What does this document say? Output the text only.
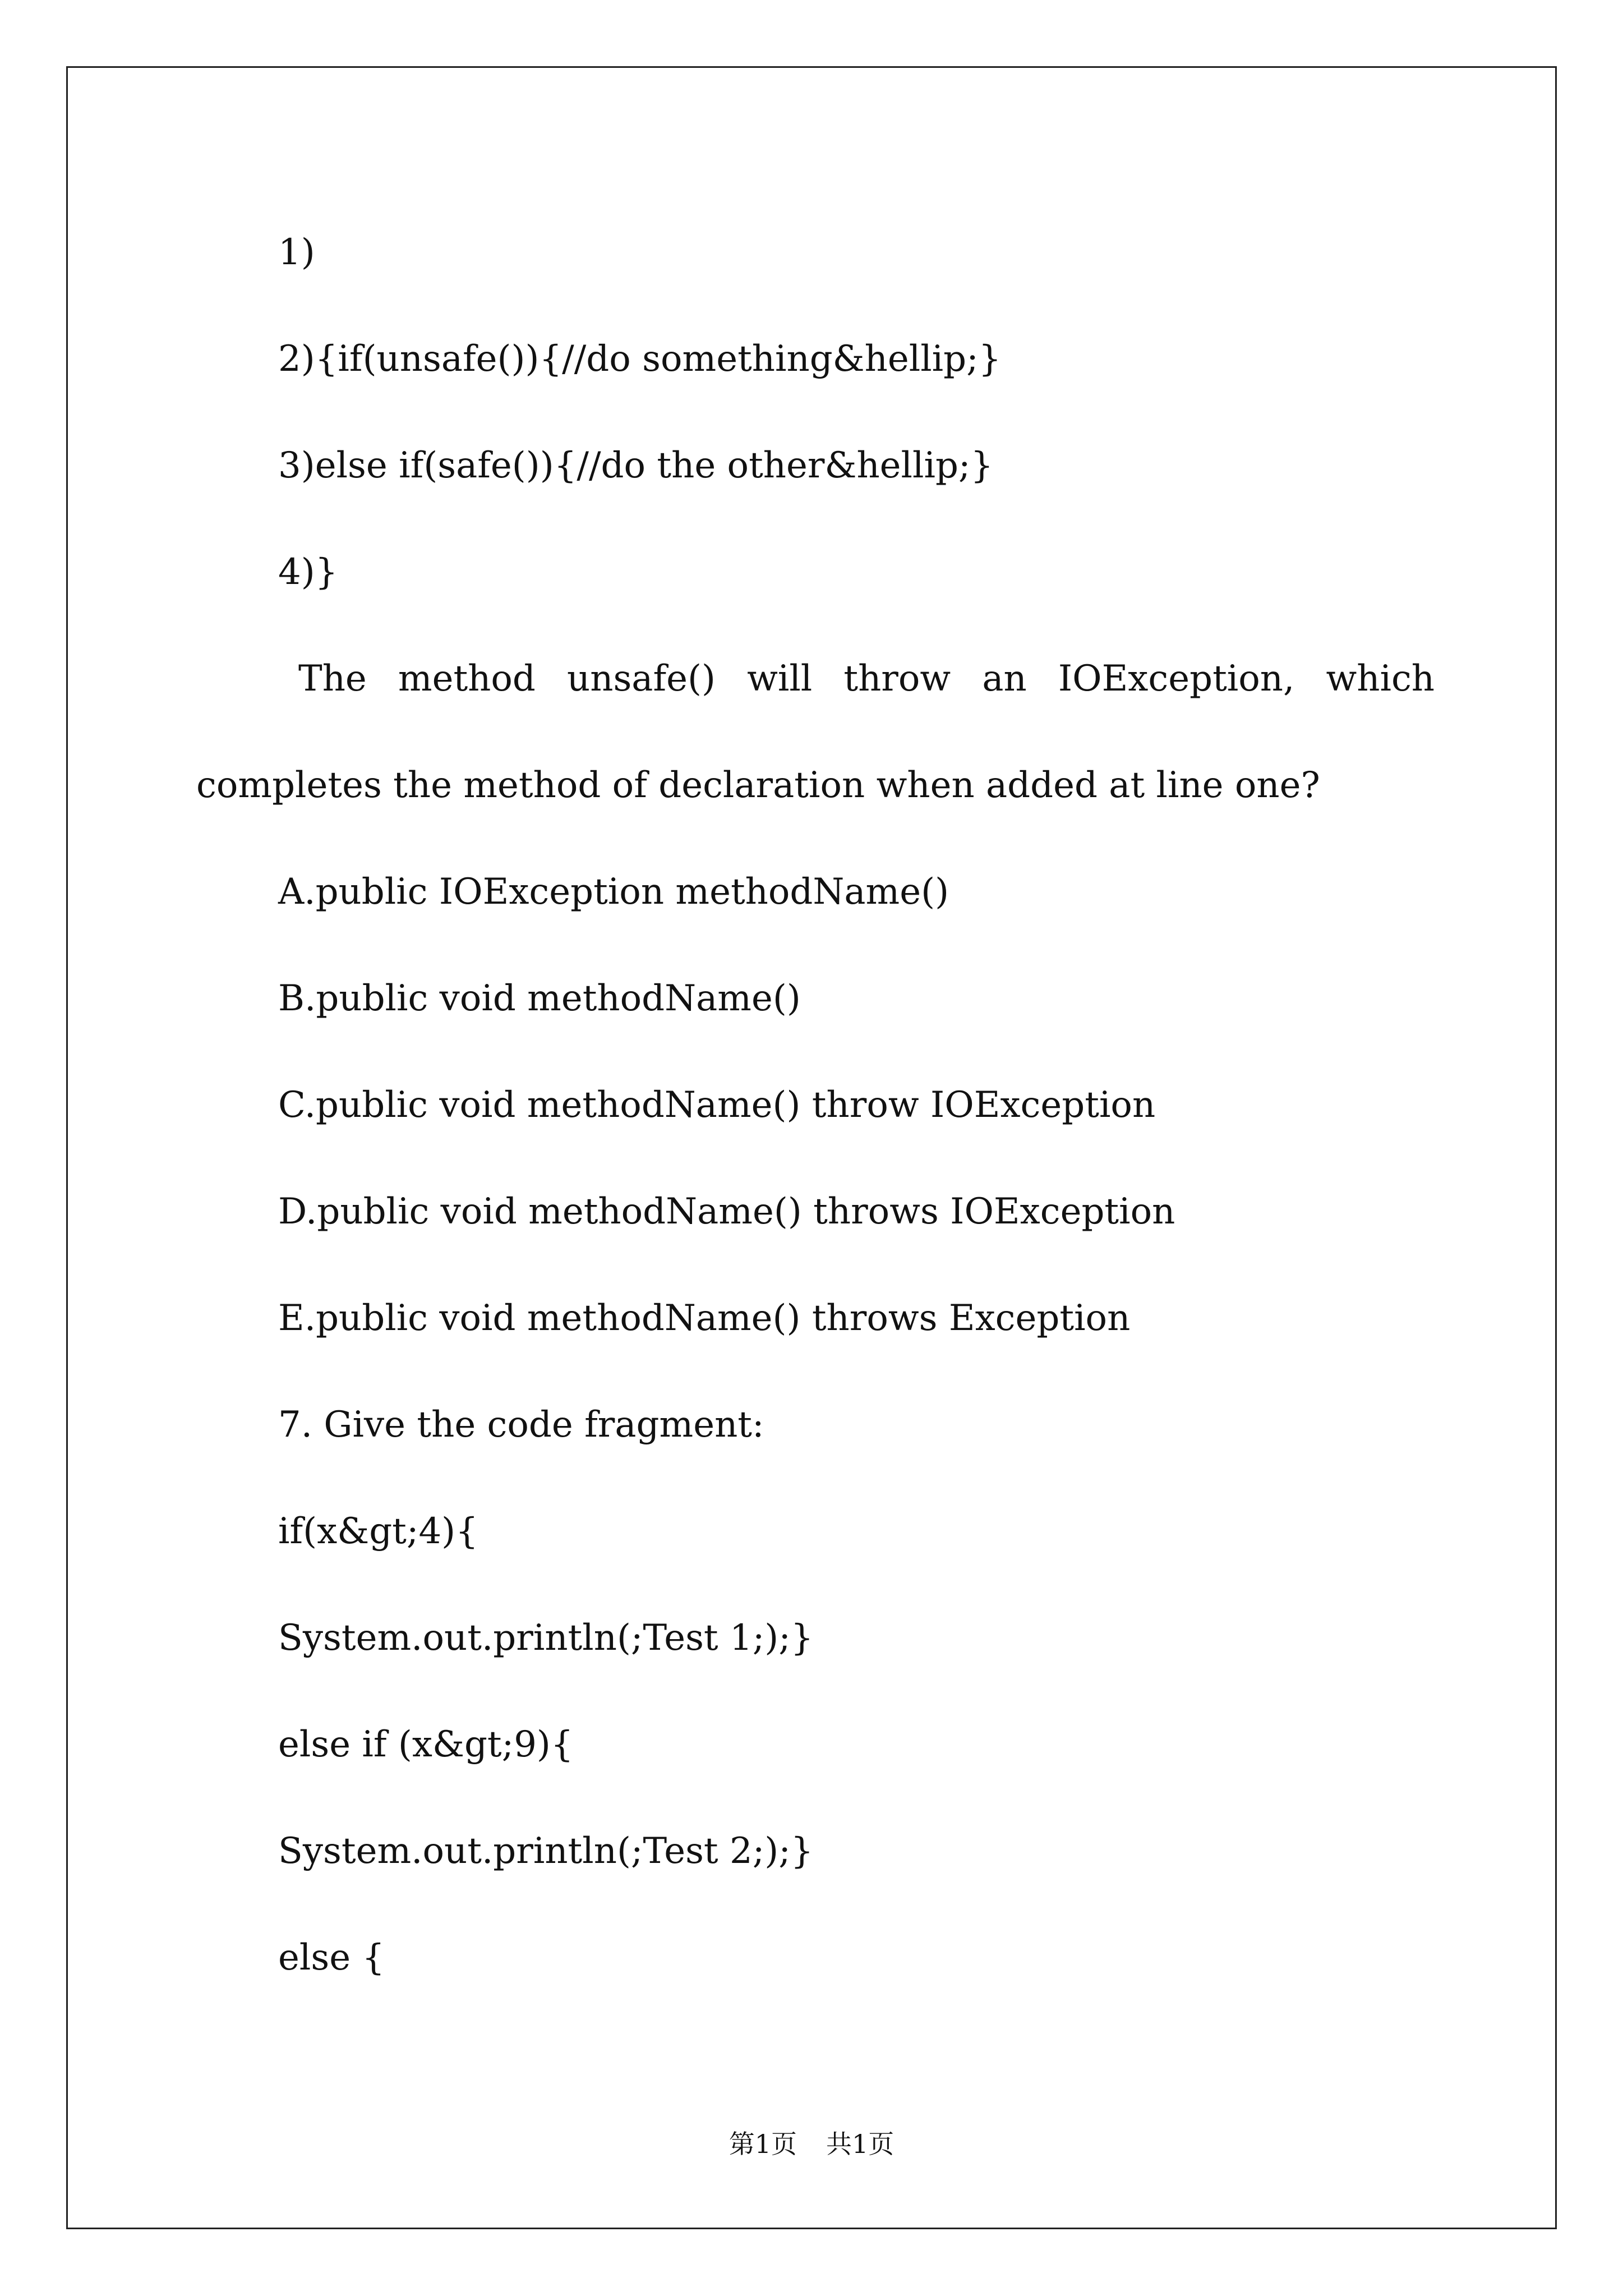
1)
2){if(unsafe()){//do something&hellip;}
3)else if(safe()){//do the other&hellip;}
4)}
The method unsafe() will throw an IOException, which
completes the method of declaration when added at line one?
A.public IOException methodName()
B.public void methodName()
C.public void methodName() throw IOException
D.public void methodName() throws IOException
E.public void methodName() throws Exception
7. Give the code fragment:
if(x&gt;4){
System.out.println(;Test 1;);}
else if (x&gt;9){
System.out.println(;Test 2;);}
else {
第1页 共1页
